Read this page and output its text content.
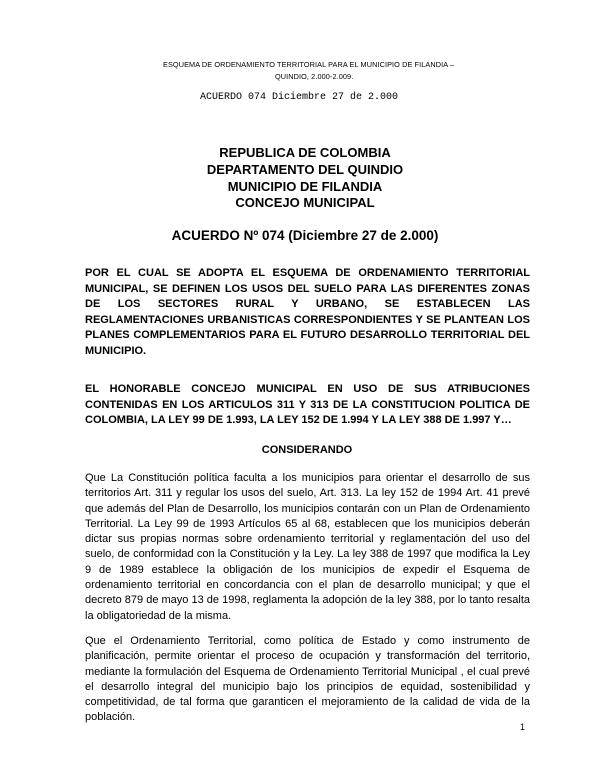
ESQUEMA DE ORDENAMIENTO TERRITORIAL PARA EL MUNICIPIO DE FILANDIA –
QUINDIO, 2.000-2.009.
ACUERDO 074 Diciembre 27 de 2.000
REPUBLICA DE COLOMBIA
DEPARTAMENTO DEL QUINDIO
MUNICIPIO DE FILANDIA
CONCEJO MUNICIPAL
ACUERDO Nº 074 (Diciembre 27 de 2.000)
POR EL CUAL SE ADOPTA EL ESQUEMA DE ORDENAMIENTO TERRITORIAL MUNICIPAL, SE DEFINEN LOS USOS DEL SUELO PARA LAS DIFERENTES ZONAS DE LOS SECTORES RURAL Y URBANO, SE ESTABLECEN LAS REGLAMENTACIONES URBANISTICAS CORRESPONDIENTES Y SE PLANTEAN LOS PLANES COMPLEMENTARIOS PARA EL FUTURO DESARROLLO TERRITORIAL DEL MUNICIPIO.
EL HONORABLE CONCEJO MUNICIPAL EN USO DE SUS ATRIBUCIONES CONTENIDAS EN LOS ARTICULOS 311 Y 313 DE LA CONSTITUCION POLITICA DE COLOMBIA, LA LEY 99 DE 1.993, LA LEY 152 DE 1.994 Y LA LEY 388 DE 1.997 Y…
CONSIDERANDO
Que La Constitución política faculta a los municipios para orientar el desarrollo de sus territorios Art. 311 y regular los usos del suelo, Art. 313. La ley 152 de 1994 Art. 41 prevé que además del Plan de Desarrollo, los municipios contarán con un Plan de Ordenamiento Territorial. La Ley 99 de 1993 Artículos 65 al 68, establecen que los municipios deberán dictar sus propias normas sobre ordenamiento territorial y reglamentación del uso del suelo, de conformidad con la Constitución y la Ley. La ley 388 de 1997 que modifica la Ley 9 de 1989 establece la obligación de los municipios de expedir el Esquema de ordenamiento territorial en concordancia con el plan de desarrollo municipal; y que el decreto 879 de mayo 13 de 1998, reglamenta la adopción de la ley 388, por lo tanto resalta la obligatoriedad de la misma.
Que el Ordenamiento Territorial, como política de Estado y como instrumento de planificación, permite orientar el proceso de ocupación y transformación del territorio, mediante la formulación del Esquema de Ordenamiento Territorial Municipal , el cual prevé el desarrollo integral del municipio bajo los principios de equidad, sostenibilidad y competitividad, de tal forma que garanticen el mejoramiento de la calidad de vida de la población.
1
